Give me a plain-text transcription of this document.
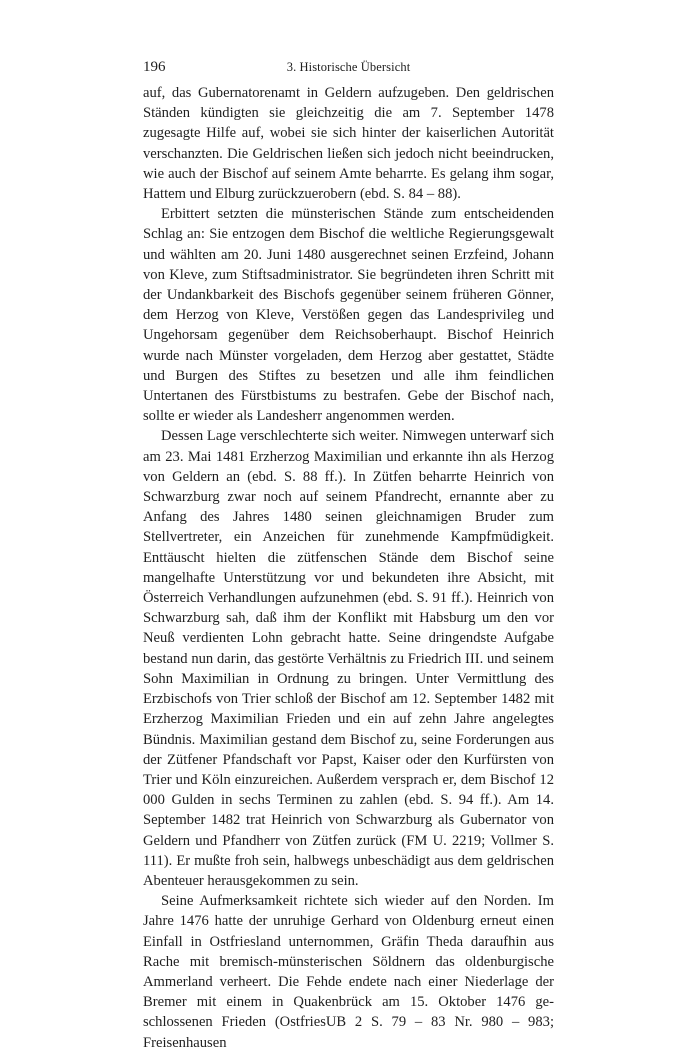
196	3. Historische Übersicht

auf, das Gubernatorenamt in Geldern aufzugeben. Den geldrischen Ständen kündigten sie gleichzeitig die am 7. September 1478 zugesagte Hilfe auf, wobei sie sich hinter der kaiserlichen Autorität verschanzten. Die Geldrischen ließen sich jedoch nicht beeindrucken, wie auch der Bischof auf seinem Amte beharrte. Es gelang ihm sogar, Hattem und Elburg zurückzuerobern (ebd. S. 84 – 88).

Erbittert setzten die münsterischen Stände zum entscheidenden Schlag an: Sie entzogen dem Bischof die weltliche Regierungsgewalt und wählten am 20. Juni 1480 ausgerechnet seinen Erzfeind, Johann von Kleve, zum Stiftsadministrator. Sie begründeten ihren Schritt mit der Undankbarkeit des Bischofs gegenüber seinem früheren Gönner, dem Herzog von Kleve, Verstößen gegen das Landesprivileg und Ungehorsam gegenüber dem Reichsoberhaupt. Bischof Heinrich wurde nach Münster vorgeladen, dem Herzog aber gestattet, Städte und Burgen des Stiftes zu besetzen und alle ihm feindlichen Untertanen des Fürstbistums zu bestrafen. Gebe der Bischof nach, sollte er wieder als Landesherr angenommen werden.

Dessen Lage verschlechterte sich weiter. Nimwegen unterwarf sich am 23. Mai 1481 Erzherzog Maximilian und erkannte ihn als Herzog von Geldern an (ebd. S. 88 ff.). In Zütfen beharrte Heinrich von Schwarzburg zwar noch auf seinem Pfandrecht, ernannte aber zu Anfang des Jahres 1480 seinen gleichnamigen Bruder zum Stellvertreter, ein Anzeichen für zunehmende Kampfmüdigkeit. Enttäuscht hielten die zütfenschen Stände dem Bischof seine mangelhafte Unterstützung vor und bekundeten ihre Absicht, mit Österreich Verhandlungen aufzunehmen (ebd. S. 91 ff.). Heinrich von Schwarzburg sah, daß ihm der Konflikt mit Habsburg um den vor Neuß verdienten Lohn gebracht hatte. Seine dringendste Aufgabe bestand nun darin, das gestörte Verhältnis zu Friedrich III. und seinem Sohn Maximilian in Ordnung zu bringen. Unter Vermittlung des Erzbischofs von Trier schloß der Bischof am 12. September 1482 mit Erzherzog Maximilian Frieden und ein auf zehn Jahre angelegtes Bündnis. Maximilian gestand dem Bischof zu, seine Forderungen aus der Zütfener Pfandschaft vor Papst, Kaiser oder den Kurfürsten von Trier und Köln einzureichen. Außerdem versprach er, dem Bischof 12 000 Gulden in sechs Terminen zu zahlen (ebd. S. 94 ff.). Am 14. September 1482 trat Heinrich von Schwarzburg als Gubernator von Geldern und Pfandherr von Zütfen zurück (FM U. 2219; Vollmer S. 111). Er mußte froh sein, halbwegs unbeschädigt aus dem geldrischen Abenteuer herausgekommen zu sein.

Seine Aufmerksamkeit richtete sich wieder auf den Norden. Im Jahre 1476 hatte der unruhige Gerhard von Oldenburg erneut einen Einfall in Ostfriesland unternommen, Gräfin Theda daraufhin aus Rache mit bremisch-münsterischen Söldnern das oldenburgische Ammerland verheert. Die Fehde endete nach einer Niederlage der Bremer mit einem in Quakenbrück am 15. Oktober 1476 geschlossenen Frieden (OstfriesUB 2 S. 79 – 83 Nr. 980 – 983; Freisenhausen
